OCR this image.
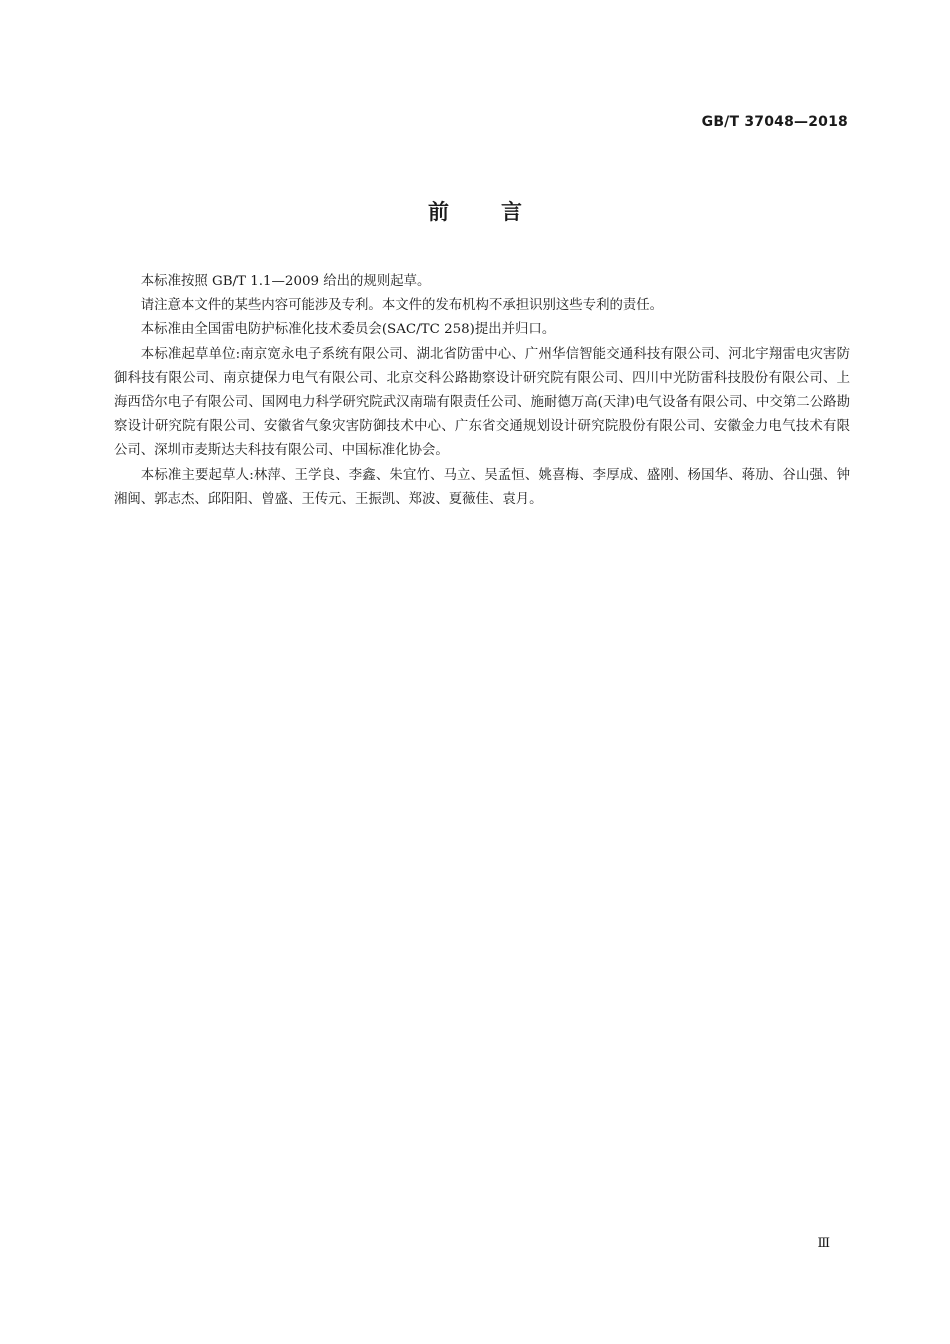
GB/T 37048—2018
前 言

本标准按照 GB/T 1.1—2009 给出的规则起草。

请注意本文件的某些内容可能涉及专利。本文件的发布机构不承担识别这些专利的责任。

本标准由全国雷电防护标准化技术委员会(SAC/TC 258)提出并归口。

本标准起草单位:南京宽永电子系统有限公司、湖北省防雷中心、广州华信智能交通科技有限公司、河北宇翔雷电灾害防御科技有限公司、南京捷保力电气有限公司、北京交科公路勘察设计研究院有限公司、四川中光防雷科技股份有限公司、上海西岱尔电子有限公司、国网电力科学研究院武汉南瑞有限责任公司、施耐德万高(天津)电气设备有限公司、中交第二公路勘察设计研究院有限公司、安徽省气象灾害防御技术中心、广东省交通规划设计研究院股份有限公司、安徽金力电气技术有限公司、深圳市麦斯达夫科技有限公司、中国标准化协会。

本标准主要起草人:林萍、王学良、李鑫、朱宜竹、马立、吴孟恒、姚喜梅、李厚成、盛刚、杨国华、蒋劢、谷山强、钟湘闽、郭志杰、邱阳阳、曾盛、王传元、王振凯、郑波、夏薇佳、袁月。

Ⅲ
